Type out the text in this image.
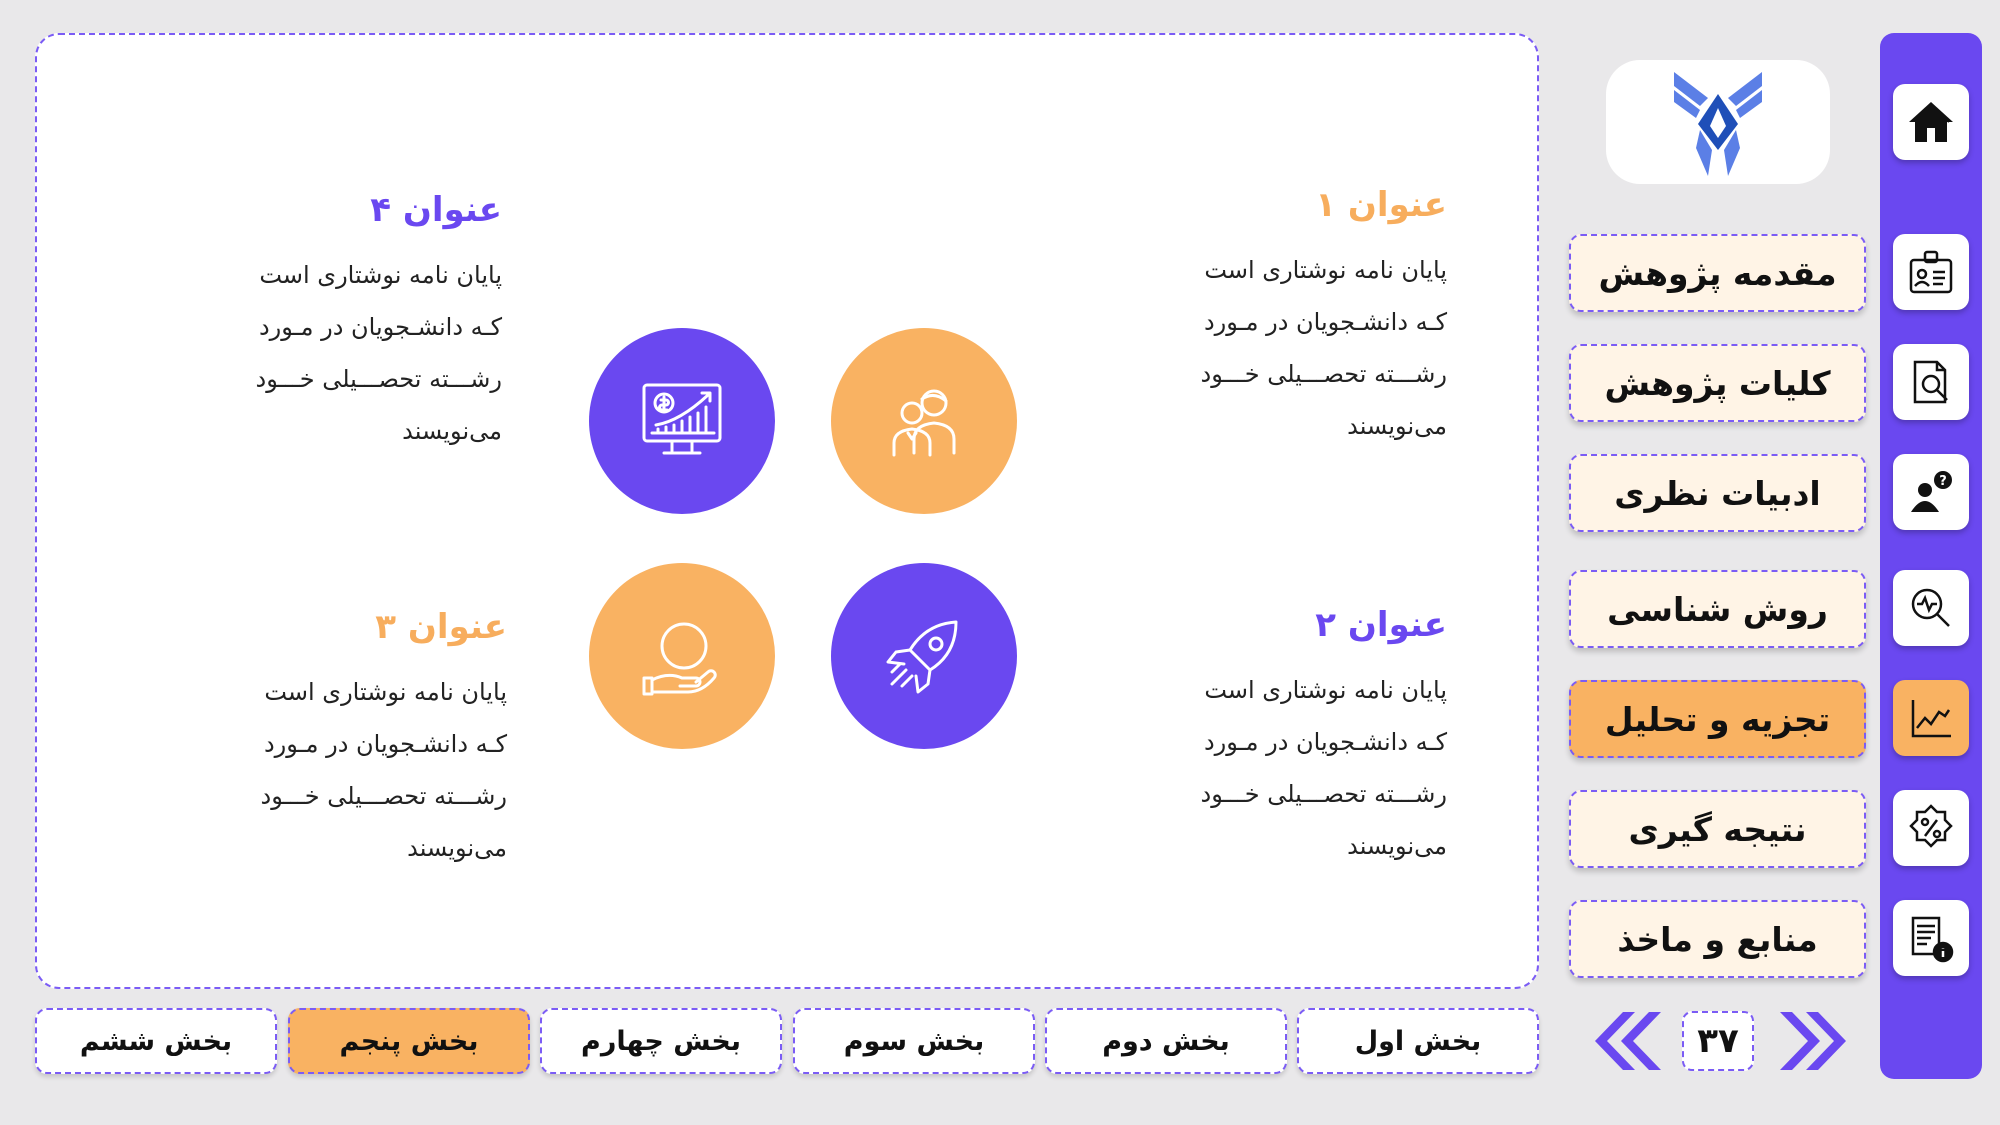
عنوان ۱
پایان نامه نوشتاری است
کـه دانشـجویان در مـورد
رشـــته تحصـــیلی خـــود
می‌نویسند
عنوان ۲
پایان نامه نوشتاری است
کـه دانشـجویان در مـورد
رشـــته تحصـــیلی خـــود
می‌نویسند
عنوان ۳
پایان نامه نوشتاری است
کـه دانشـجویان در مـورد
رشـــته تحصـــیلی خـــود
می‌نویسند
عنوان ۴
پایان نامه نوشتاری است
کـه دانشـجویان در مـورد
رشـــته تحصـــیلی خـــود
می‌نویسند
بخش اول
بخش دوم
بخش سوم
بخش چهارم
بخش پنجم
بخش ششم	۳۷
مقدمه پژوهش
کلیات پژوهش
ادبیات نظری
روش شناسی
تجزیه و تحلیل
نتیجه گیری
منابع و ماخذ
?
